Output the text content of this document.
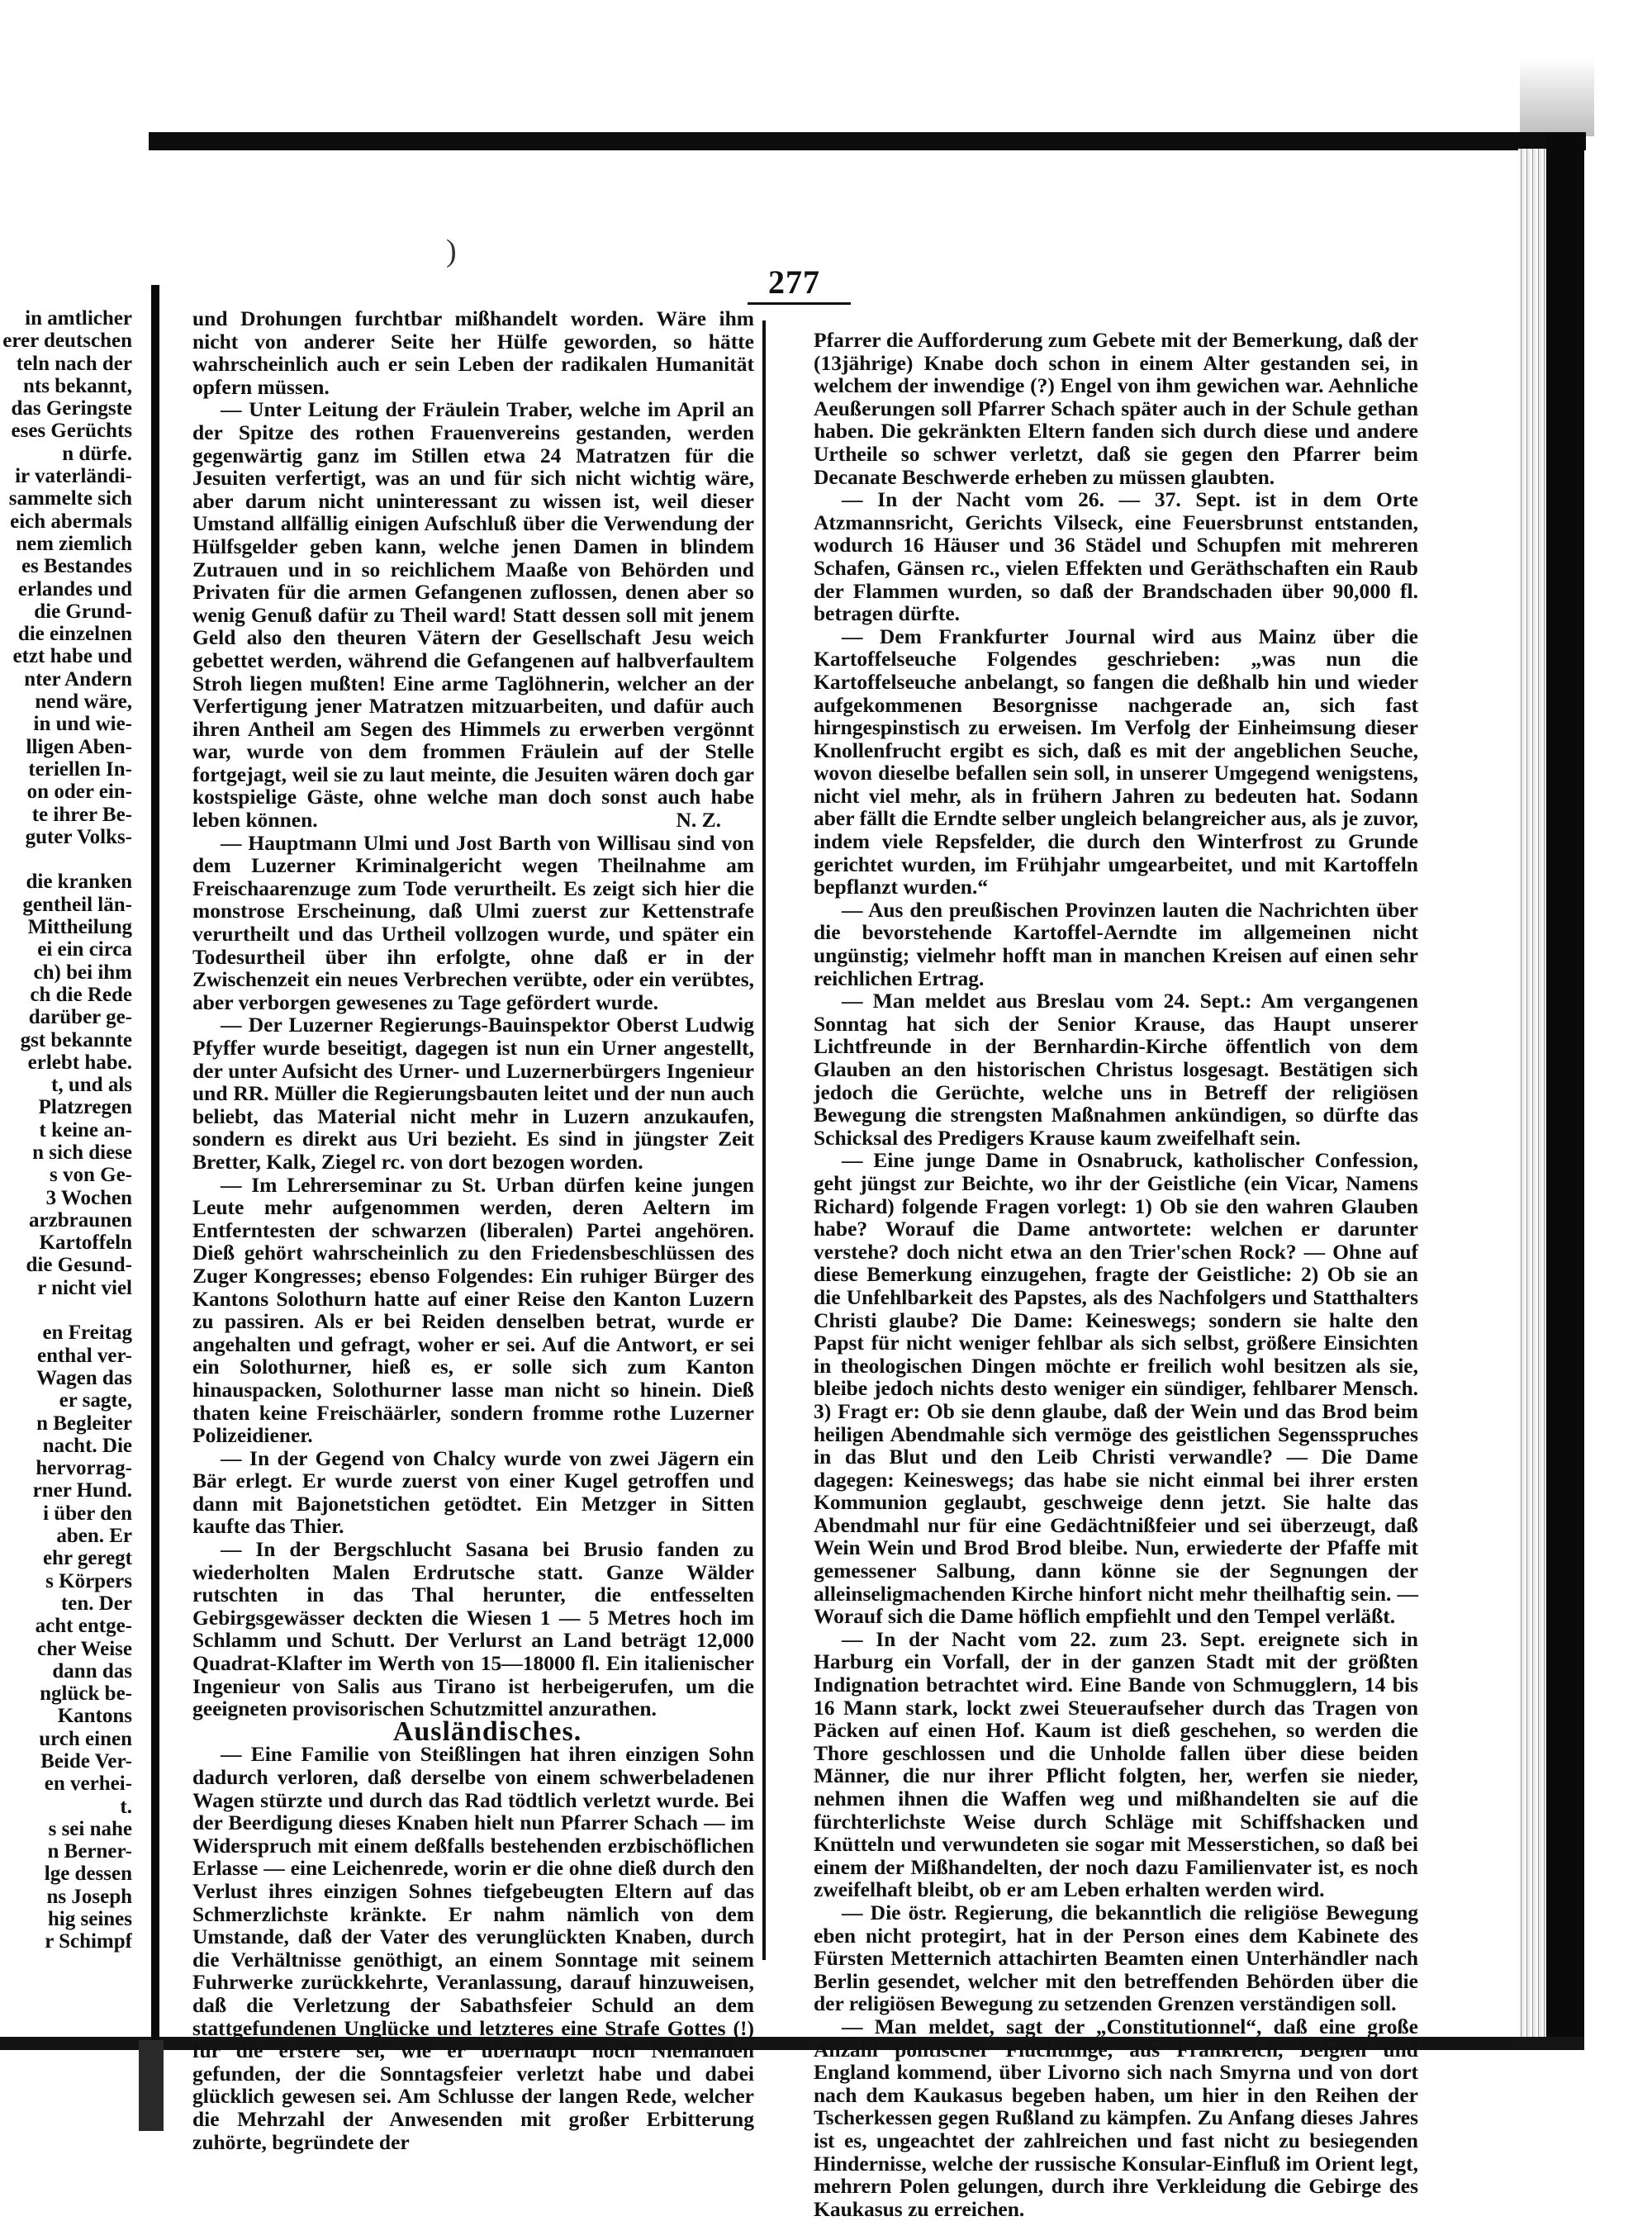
in amtlicher
erer deutschen
teln nach der
nts bekannt,
das Geringste
eses Gerüchts
n dürfe.
ir vaterländi-
sammelte sich
eich abermals
nem ziemlich
es Bestandes
erlandes und
die Grund-
die einzelnen
etzt habe und
nter Andern
nend wäre,
in und wie-
lligen Aben-
teriellen In-
on oder ein-
te ihrer Be-
guter Volks-
die kranken
gentheil län-
Mittheilung
ei ein circa
ch) bei ihm
ch die Rede
darüber ge-
gst bekannte
erlebt habe.
t, und als
Platzregen
t keine an-
n sich diese
s von Ge-
3 Wochen
arzbraunen
Kartoffeln
die Gesund-
r nicht viel
en Freitag
enthal ver-
Wagen das
er sagte,
n Begleiter
nacht. Die
hervorrag-
rner Hund.
i über den
aben. Er
ehr geregt
s Körpers
ten. Der
acht entge-
cher Weise
dann das
nglück be-
Kantons
urch einen
Beide Ver-
en verhei-
t.
s sei nahe
n Berner-
lge dessen
ns Joseph
hig seines
r Schimpf
)
277

und Drohungen furchtbar mißhandelt worden. Wäre ihm nicht von anderer Seite her Hülfe geworden, so hätte wahrscheinlich auch er sein Leben der radikalen Humanität opfern müssen.

— Unter Leitung der Fräulein Traber, welche im April an der Spitze des rothen Frauenvereins gestanden, werden gegenwärtig ganz im Stillen etwa 24 Matratzen für die Jesuiten verfertigt, was an und für sich nicht wichtig wäre, aber darum nicht uninteressant zu wissen ist, weil dieser Umstand allfällig einigen Aufschluß über die Verwendung der Hülfsgelder geben kann, welche jenen Damen in blindem Zutrauen und in so reichlichem Maaße von Behörden und Privaten für die armen Gefangenen zuflossen, denen aber so wenig Genuß dafür zu Theil ward! Statt dessen soll mit jenem Geld also den theuren Vätern der Gesellschaft Jesu weich gebettet werden, während die Gefangenen auf halbverfaultem Stroh liegen mußten! Eine arme Taglöhnerin, welcher an der Verfertigung jener Matratzen mitzuarbeiten, und dafür auch ihren Antheil am Segen des Himmels zu erwerben vergönnt war, wurde von dem frommen Fräulein auf der Stelle fortgejagt, weil sie zu laut meinte, die Jesuiten wären doch gar kostspielige Gäste, ohne welche man doch sonst auch habe leben können.	N. Z.

— Hauptmann Ulmi und Jost Barth von Willisau sind von dem Luzerner Kriminalgericht wegen Theilnahme am Freischaarenzuge zum Tode verurtheilt. Es zeigt sich hier die monstrose Erscheinung, daß Ulmi zuerst zur Kettenstrafe verurtheilt und das Urtheil vollzogen wurde, und später ein Todesurtheil über ihn erfolgte, ohne daß er in der Zwischenzeit ein neues Verbrechen verübte, oder ein verübtes, aber verborgen gewesenes zu Tage gefördert wurde.

— Der Luzerner Regierungs-Bauinspektor Oberst Ludwig Pfyffer wurde beseitigt, dagegen ist nun ein Urner angestellt, der unter Aufsicht des Urner- und Luzernerbürgers Ingenieur und RR. Müller die Regierungsbauten leitet und der nun auch beliebt, das Material nicht mehr in Luzern anzukaufen, sondern es direkt aus Uri bezieht. Es sind in jüngster Zeit Bretter, Kalk, Ziegel rc. von dort bezogen worden.

— Im Lehrerseminar zu St. Urban dürfen keine jungen Leute mehr aufgenommen werden, deren Aeltern im Entferntesten der schwarzen (liberalen) Partei angehören. Dieß gehört wahrscheinlich zu den Friedensbeschlüssen des Zuger Kongresses; ebenso Folgendes: Ein ruhiger Bürger des Kantons Solothurn hatte auf einer Reise den Kanton Luzern zu passiren. Als er bei Reiden denselben betrat, wurde er angehalten und gefragt, woher er sei. Auf die Antwort, er sei ein Solothurner, hieß es, er solle sich zum Kanton hinauspacken, Solothurner lasse man nicht so hinein. Dieß thaten keine Freischäärler, sondern fromme rothe Luzerner Polizeidiener.

— In der Gegend von Chalcy wurde von zwei Jägern ein Bär erlegt. Er wurde zuerst von einer Kugel getroffen und dann mit Bajonetstichen getödtet. Ein Metzger in Sitten kaufte das Thier.

— In der Bergschlucht Sasana bei Brusio fanden zu wiederholten Malen Erdrutsche statt. Ganze Wälder rutschten in das Thal herunter, die entfesselten Gebirgsgewässer deckten die Wiesen 1 — 5 Metres hoch im Schlamm und Schutt. Der Verlurst an Land beträgt 12,000 Quadrat-Klafter im Werth von 15—18000 fl. Ein italienischer Ingenieur von Salis aus Tirano ist herbeigerufen, um die geeigneten provisorischen Schutzmittel anzurathen.

Ausländisches.

— Eine Familie von Steißlingen hat ihren einzigen Sohn dadurch verloren, daß derselbe von einem schwerbeladenen Wagen stürzte und durch das Rad tödtlich verletzt wurde. Bei der Beerdigung dieses Knaben hielt nun Pfarrer Schach — im Widerspruch mit einem deßfalls bestehenden erzbischöflichen Erlasse — eine Leichenrede, worin er die ohne dieß durch den Verlust ihres einzigen Sohnes tiefgebeugten Eltern auf das Schmerzlichste kränkte. Er nahm nämlich von dem Umstande, daß der Vater des verunglückten Knaben, durch die Verhältnisse genöthigt, an einem Sonntage mit seinem Fuhrwerke zurückkehrte, Veranlassung, darauf hinzuweisen, daß die Verletzung der Sabathsfeier Schuld an dem stattgefundenen Unglücke und letzteres eine Strafe Gottes (!) für die erstere sei, wie er überhaupt noch Niemanden gefunden, der die Sonntagsfeier verletzt habe und dabei glücklich gewesen sei. Am Schlusse der langen Rede, welcher die Mehrzahl der Anwesenden mit großer Erbitterung zuhörte, begründete der

Pfarrer die Aufforderung zum Gebete mit der Bemerkung, daß der (13jährige) Knabe doch schon in einem Alter gestanden sei, in welchem der inwendige (?) Engel von ihm gewichen war. Aehnliche Aeußerungen soll Pfarrer Schach später auch in der Schule gethan haben. Die gekränkten Eltern fanden sich durch diese und andere Urtheile so schwer verletzt, daß sie gegen den Pfarrer beim Decanate Beschwerde erheben zu müssen glaubten.

— In der Nacht vom 26. — 37. Sept. ist in dem Orte Atzmannsricht, Gerichts Vilseck, eine Feuersbrunst entstanden, wodurch 16 Häuser und 36 Städel und Schupfen mit mehreren Schafen, Gänsen rc., vielen Effekten und Geräthschaften ein Raub der Flammen wurden, so daß der Brandschaden über 90,000 fl. betragen dürfte.

— Dem Frankfurter Journal wird aus Mainz über die Kartoffelseuche Folgendes geschrieben: „was nun die Kartoffelseuche anbelangt, so fangen die deßhalb hin und wieder aufgekommenen Besorgnisse nachgerade an, sich fast hirngespinstisch zu erweisen. Im Verfolg der Einheimsung dieser Knollenfrucht ergibt es sich, daß es mit der angeblichen Seuche, wovon dieselbe befallen sein soll, in unserer Umgegend wenigstens, nicht viel mehr, als in frühern Jahren zu bedeuten hat. Sodann aber fällt die Erndte selber ungleich belangreicher aus, als je zuvor, indem viele Repsfelder, die durch den Winterfrost zu Grunde gerichtet wurden, im Frühjahr umgearbeitet, und mit Kartoffeln bepflanzt wurden.“

— Aus den preußischen Provinzen lauten die Nachrichten über die bevorstehende Kartoffel-Aerndte im allgemeinen nicht ungünstig; vielmehr hofft man in manchen Kreisen auf einen sehr reichlichen Ertrag.

— Man meldet aus Breslau vom 24. Sept.: Am vergangenen Sonntag hat sich der Senior Krause, das Haupt unserer Lichtfreunde in der Bernhardin-Kirche öffentlich von dem Glauben an den historischen Christus losgesagt. Bestätigen sich jedoch die Gerüchte, welche uns in Betreff der religiösen Bewegung die strengsten Maßnahmen ankündigen, so dürfte das Schicksal des Predigers Krause kaum zweifelhaft sein.

— Eine junge Dame in Osnabruck, katholischer Confession, geht jüngst zur Beichte, wo ihr der Geistliche (ein Vicar, Namens Richard) folgende Fragen vorlegt: 1) Ob sie den wahren Glauben habe? Worauf die Dame antwortete: welchen er darunter verstehe? doch nicht etwa an den Trier'schen Rock? — Ohne auf diese Bemerkung einzugehen, fragte der Geistliche: 2) Ob sie an die Unfehlbarkeit des Papstes, als des Nachfolgers und Statthalters Christi glaube? Die Dame: Keineswegs; sondern sie halte den Papst für nicht weniger fehlbar als sich selbst, größere Einsichten in theologischen Dingen möchte er freilich wohl besitzen als sie, bleibe jedoch nichts desto weniger ein sündiger, fehlbarer Mensch. 3) Fragt er: Ob sie denn glaube, daß der Wein und das Brod beim heiligen Abendmahle sich vermöge des geistlichen Segensspruches in das Blut und den Leib Christi verwandle? — Die Dame dagegen: Keineswegs; das habe sie nicht einmal bei ihrer ersten Kommunion geglaubt, geschweige denn jetzt. Sie halte das Abendmahl nur für eine Gedächtnißfeier und sei überzeugt, daß Wein Wein und Brod Brod bleibe. Nun, erwiederte der Pfaffe mit gemessener Salbung, dann könne sie der Segnungen der alleinseligmachenden Kirche hinfort nicht mehr theilhaftig sein. — Worauf sich die Dame höflich empfiehlt und den Tempel verläßt.

— In der Nacht vom 22. zum 23. Sept. ereignete sich in Harburg ein Vorfall, der in der ganzen Stadt mit der größten Indignation betrachtet wird. Eine Bande von Schmugglern, 14 bis 16 Mann stark, lockt zwei Steueraufseher durch das Tragen von Päcken auf einen Hof. Kaum ist dieß geschehen, so werden die Thore geschlossen und die Unholde fallen über diese beiden Männer, die nur ihrer Pflicht folgten, her, werfen sie nieder, nehmen ihnen die Waffen weg und mißhandelten sie auf die fürchterlichste Weise durch Schläge mit Schiffshacken und Knütteln und verwundeten sie sogar mit Messerstichen, so daß bei einem der Mißhandelten, der noch dazu Familienvater ist, es noch zweifelhaft bleibt, ob er am Leben erhalten werden wird.

— Die östr. Regierung, die bekanntlich die religiöse Bewegung eben nicht protegirt, hat in der Person eines dem Kabinete des Fürsten Metternich attachirten Beamten einen Unterhändler nach Berlin gesendet, welcher mit den betreffenden Behörden über die der religiösen Bewegung zu setzenden Grenzen verständigen soll.

— Man meldet, sagt der „Constitutionnel“, daß eine große Anzahl politischer Flüchtlinge, aus Frankreich, Belgien und England kommend, über Livorno sich nach Smyrna und von dort nach dem Kaukasus begeben haben, um hier in den Reihen der Tscherkessen gegen Rußland zu kämpfen. Zu Anfang dieses Jahres ist es, ungeachtet der zahlreichen und fast nicht zu besiegenden Hindernisse, welche der russische Konsular-Einfluß im Orient legt, mehrern Polen gelungen, durch ihre Verkleidung die Gebirge des Kaukasus zu erreichen.
